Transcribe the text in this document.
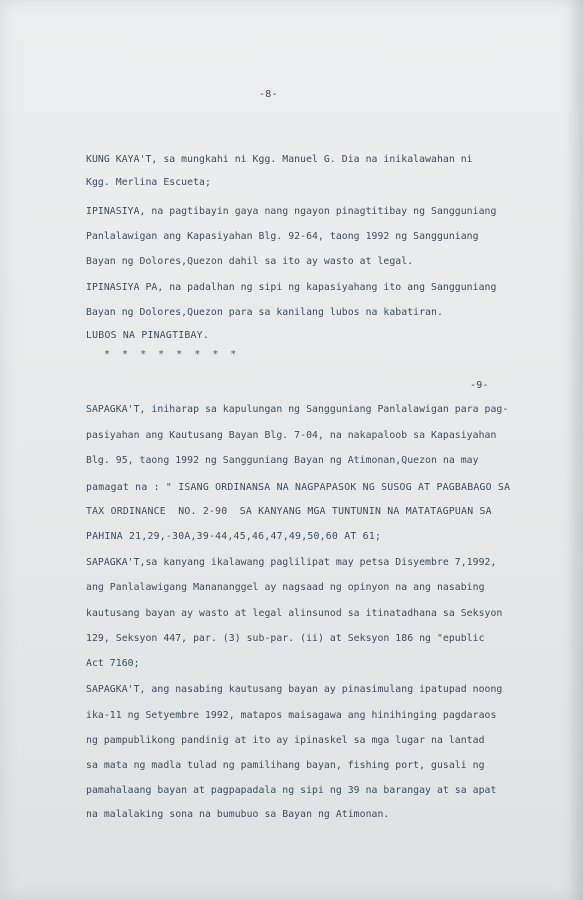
-8-
KUNG KAYA'T, sa mungkahi ni Kgg. Manuel G. Dia na inikalawahan ni
Kgg. Merlina Escueta;
IPINASIYA, na pagtibayin gaya nang ngayon pinagtitibay ng Sangguniang
Panlalawigan ang Kapasiyahan Blg. 92-64, taong 1992 ng Sangguniang
Bayan ng Dolores,Quezon dahil sa ito ay wasto at legal.
IPINASIYA PA, na padalhan ng sipi ng kapasiyahang ito ang Sangguniang
Bayan ng Dolores,Quezon para sa kanilang lubos na kabatiran.
LUBOS NA PINAGTIBAY.
* * * * * * * *
-9-
SAPAGKA'T, iniharap sa kapulungan ng Sangguniang Panlalawigan para pag-
pasiyahan ang Kautusang Bayan Blg. 7-04, na nakapaloob sa Kapasiyahan
Blg. 95, taong 1992 ng Sangguniang Bayan ng Atimonan,Quezon na may
pamagat na : " ISANG ORDINANSA NA NAGPAPASOK NG SUSOG AT PAGBABAGO SA
TAX ORDINANCE  NO. 2-90  SA KANYANG MGA TUNTUNIN NA MATATAGPUAN SA
PAHINA 21,29,-30A,39-44,45,46,47,49,50,60 AT 61;
SAPAGKA'T,sa kanyang ikalawang paglilipat may petsa Disyembre 7,1992,
ang Panlalawigang Manananggel ay nagsaad ng opinyon na ang nasabing
kautusang bayan ay wasto at legal alinsunod sa itinatadhana sa Seksyon
129, Seksyon 447, par. (3) sub-par. (ii) at Seksyon 186 ng "epublic
Act 7160;
SAPAGKA'T, ang nasabing kautusang bayan ay pinasimulang ipatupad noong
ika-11 ng Setyembre 1992, matapos maisagawa ang hinihinging pagdaraos
ng pampublikong pandinig at ito ay ipinaskel sa mga lugar na lantad
sa mata ng madla tulad ng pamilihang bayan, fishing port, gusali ng
pamahalaang bayan at pagpapadala ng sipi ng 39 na barangay at sa apat
na malalaking sona na bumubuo sa Bayan ng Atimonan.
